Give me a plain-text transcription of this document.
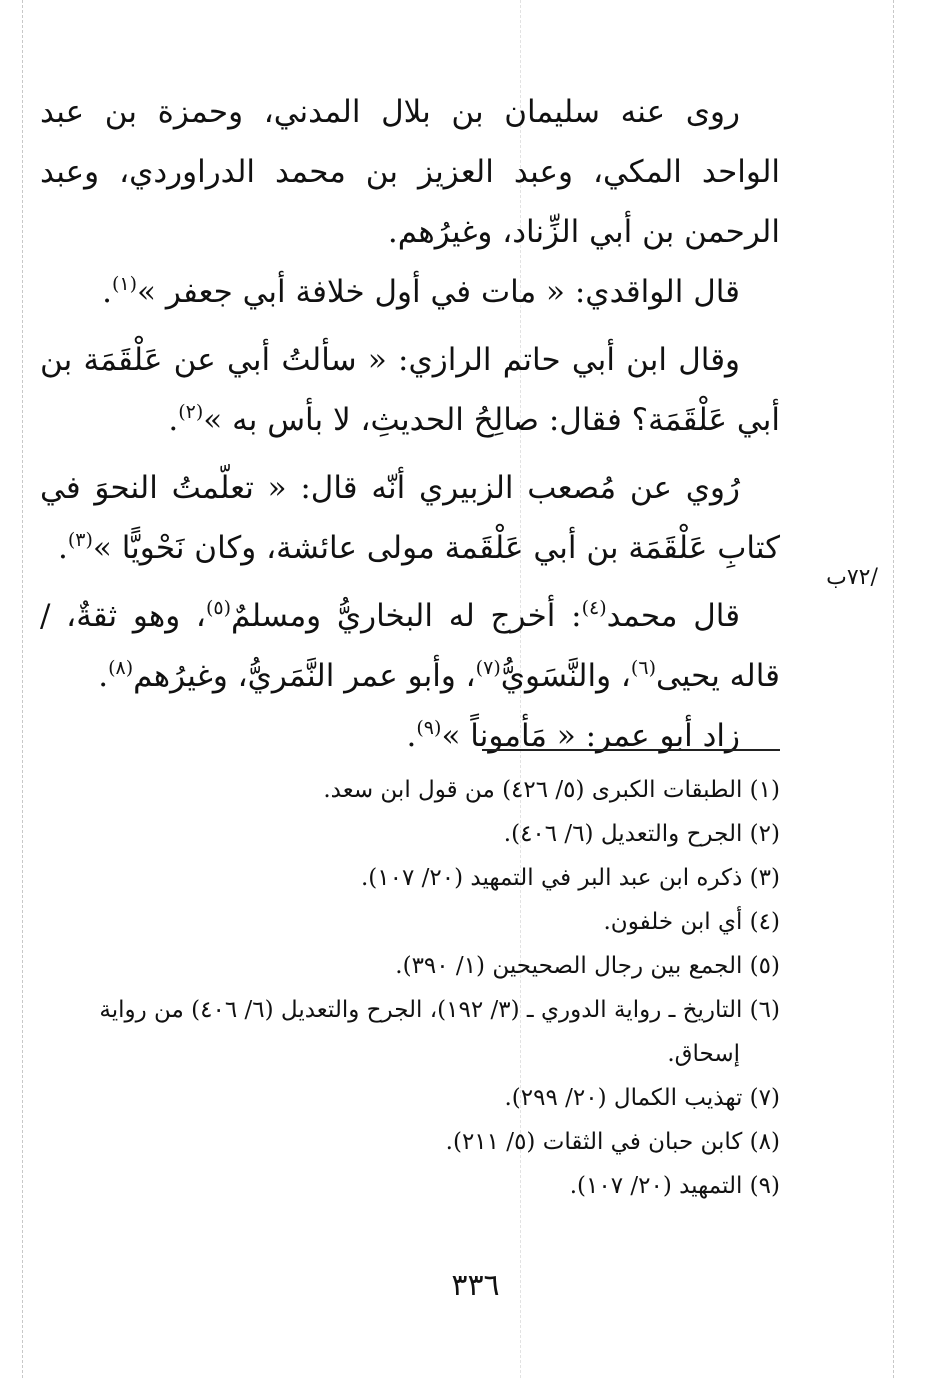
/٧٢ب

روى عنه سليمان بن بلال المدني، وحمزة بن عبد الواحد المكي، وعبد العزيز بن محمد الدراوردي، وعبد الرحمن بن أبي الزِّناد، وغيرُهم.

قال الواقدي: « مات في أول خلافة أبي جعفر »$^{(١)}$.

وقال ابن أبي حاتم الرازي: « سألتُ أبي عن عَلْقَمَة بن أبي عَلْقَمَة؟ فقال: صالِحُ الحديثِ، لا بأس به »$^{(٢)}$.

رُوي عن مُصعب الزبيري أنّه قال: « تعلّمتُ النحوَ في كتابِ عَلْقَمَة بن أبي عَلْقَمة مولى عائشة، وكان نَحْويًّا »$^{(٣)}$.

قال محمد$^{(٤)}$: أخرج له البخاريُّ ومسلمٌ$^{(٥)}$، وهو ثقةٌ، / قاله يحيى$^{(٦)}$، والنَّسَويُّ$^{(٧)}$، وأبو عمر النَّمَريُّ، وغيرُهم$^{(٨)}$.

زاد أبو عمر: « مَأموناً »$^{(٩)}$.

(١) الطبقات الكبرى (٥/ ٤٢٦) من قول ابن سعد.

(٢) الجرح والتعديل (٦/ ٤٠٦).

(٣) ذكره ابن عبد البر في التمهيد (٢٠/ ١٠٧).

(٤) أي ابن خلفون.

(٥) الجمع بين رجال الصحيحين (١/ ٣٩٠).

(٦) التاريخ ـ رواية الدوري ـ (٣/ ١٩٢)، الجرح والتعديل (٦/ ٤٠٦) من رواية

إسحاق.

(٧) تهذيب الكمال (٢٠/ ٢٩٩).

(٨) كابن حبان في الثقات (٥/ ٢١١).

(٩) التمهيد (٢٠/ ١٠٧).

٣٣٦
